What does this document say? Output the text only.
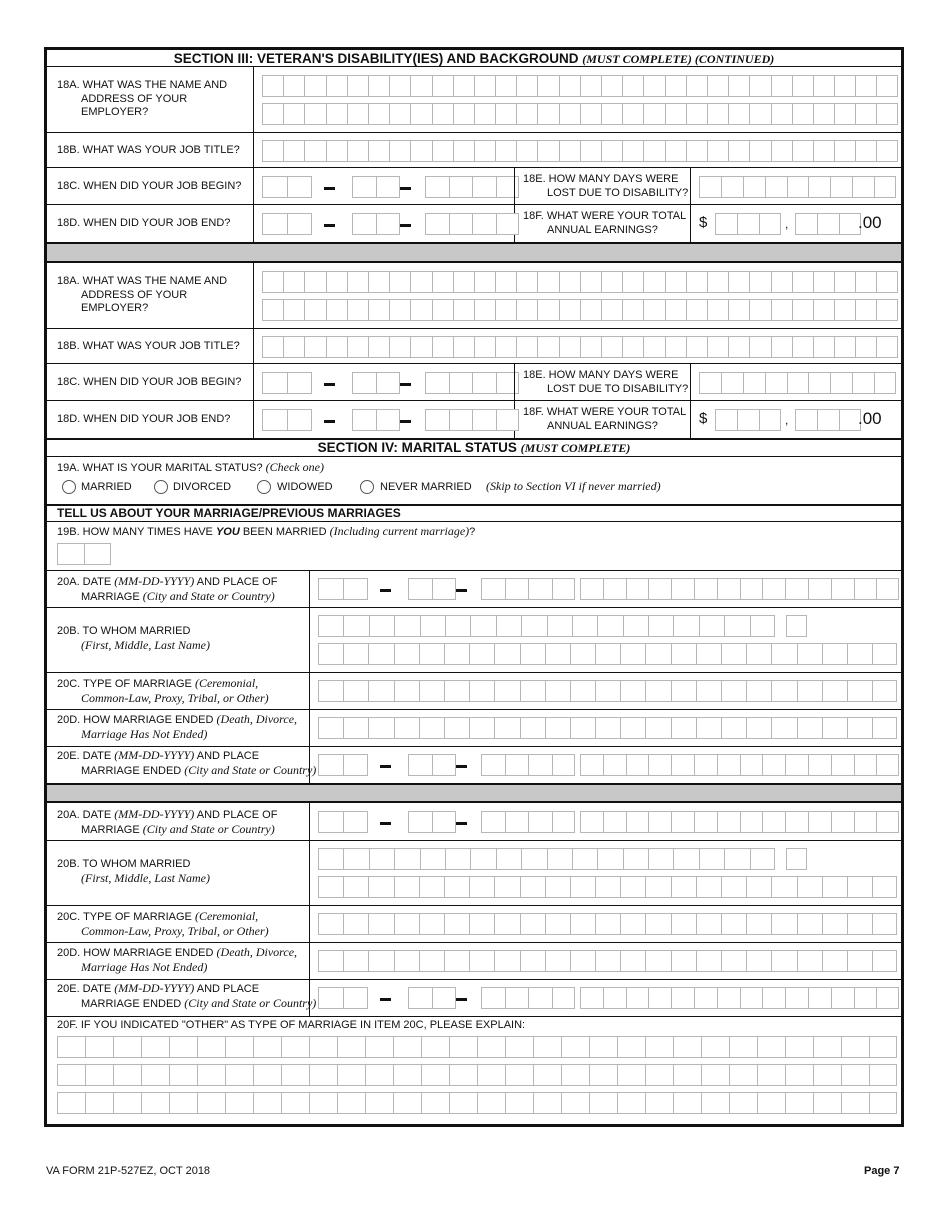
SECTION III: VETERAN'S DISABILITY(IES) AND BACKGROUND (MUST COMPLETE) (CONTINUED)
18A. WHAT WAS THE NAME AND

ADDRESS OF YOUR
EMPLOYER?
18B. WHAT WAS YOUR JOB TITLE?
18C. WHEN DID YOUR JOB BEGIN?
18E. HOW MANY DAYS WERE
LOST DUE TO DISABILITY?
18D. WHEN DID YOUR JOB END?
18F. WHAT WERE YOUR TOTAL
ANNUAL EARNINGS?	$	,	.00
18A. WHAT WAS THE NAME AND

ADDRESS OF YOUR
EMPLOYER?
18B. WHAT WAS YOUR JOB TITLE?
18C. WHEN DID YOUR JOB BEGIN?
18E. HOW MANY DAYS WERE
LOST DUE TO DISABILITY?
18D. WHEN DID YOUR JOB END?
18F. WHAT WERE YOUR TOTAL
ANNUAL EARNINGS?	$	,	.00
SECTION IV: MARITAL STATUS (MUST COMPLETE)
19A. WHAT IS YOUR MARITAL STATUS? (Check one)
MARRIED	DIVORCED	WIDOWED	NEVER MARRIED (Skip to Section VI if never married)
TELL US ABOUT YOUR MARRIAGE/PREVIOUS MARRIAGES
19B. HOW MANY TIMES HAVE YOU BEEN MARRIED (Including current marriage)?
20A. DATE (MM-DD-YYYY) AND PLACE OF
MARRIAGE (City and State or Country)
20B. TO WHOM MARRIED
(First, Middle, Last Name)
20C. TYPE OF MARRIAGE (Ceremonial,
Common-Law, Proxy, Tribal, or Other)
20D. HOW MARRIAGE ENDED (Death, Divorce,
Marriage Has Not Ended)
20E. DATE (MM-DD-YYYY) AND PLACE
MARRIAGE ENDED (City and State or Country)
20A. DATE (MM-DD-YYYY) AND PLACE OF
MARRIAGE (City and State or Country)
20B. TO WHOM MARRIED
(First, Middle, Last Name)
20C. TYPE OF MARRIAGE (Ceremonial,
Common-Law, Proxy, Tribal, or Other)
20D. HOW MARRIAGE ENDED (Death, Divorce,
Marriage Has Not Ended)
20E. DATE (MM-DD-YYYY) AND PLACE
MARRIAGE ENDED (City and State or Country)
20F. IF YOU INDICATED "OTHER" AS TYPE OF MARRIAGE IN ITEM 20C, PLEASE EXPLAIN:
VA FORM 21P-527EZ, OCT 2018	Page 7
